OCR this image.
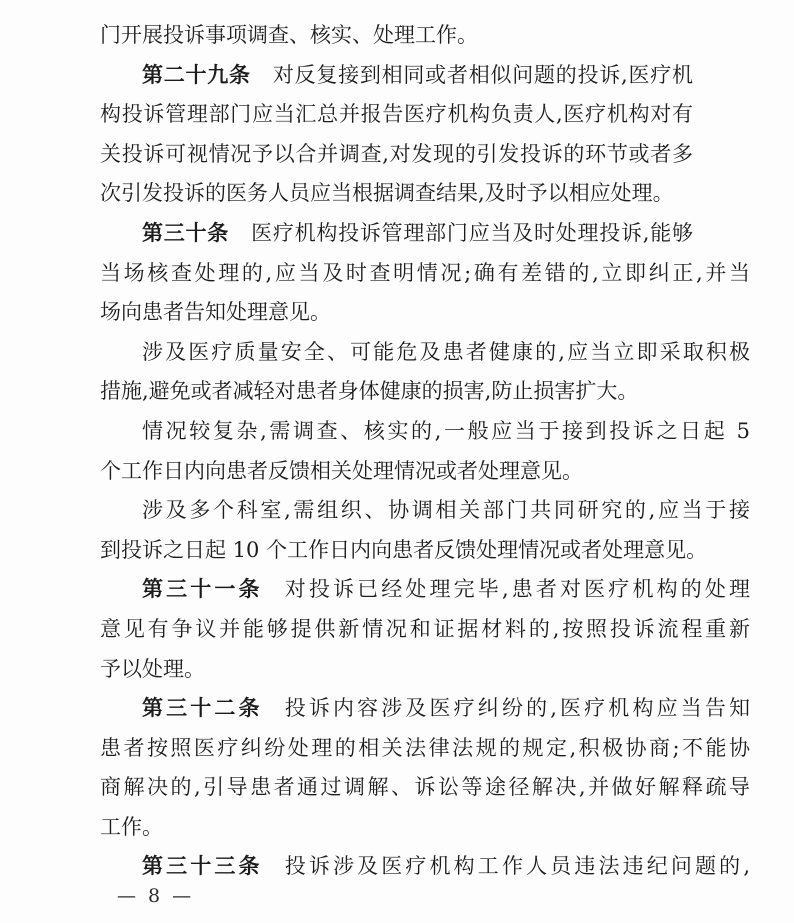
门开展投诉事项调查、核实、处理工作。
第二十九条 对反复接到相同或者相似问题的投诉,医疗机
构投诉管理部门应当汇总并报告医疗机构负责人,医疗机构对有
关投诉可视情况予以合并调查,对发现的引发投诉的环节或者多
次引发投诉的医务人员应当根据调查结果,及时予以相应处理。
第三十条 医疗机构投诉管理部门应当及时处理投诉,能够
当场核查处理的,应当及时查明情况;确有差错的,立即纠正,并当
场向患者告知处理意见。
涉及医疗质量安全、可能危及患者健康的,应当立即采取积极
措施,避免或者减轻对患者身体健康的损害,防止损害扩大。
情况较复杂,需调查、核实的,一般应当于接到投诉之日起 5
个工作日内向患者反馈相关处理情况或者处理意见。
涉及多个科室,需组织、协调相关部门共同研究的,应当于接
到投诉之日起 10 个工作日内向患者反馈处理情况或者处理意见。
第三十一条 对投诉已经处理完毕,患者对医疗机构的处理
意见有争议并能够提供新情况和证据材料的,按照投诉流程重新
予以处理。
第三十二条 投诉内容涉及医疗纠纷的,医疗机构应当告知
患者按照医疗纠纷处理的相关法律法规的规定,积极协商;不能协
商解决的,引导患者通过调解、诉讼等途径解决,并做好解释疏导
工作。
第三十三条 投诉涉及医疗机构工作人员违法违纪问题的,
— 8 —
